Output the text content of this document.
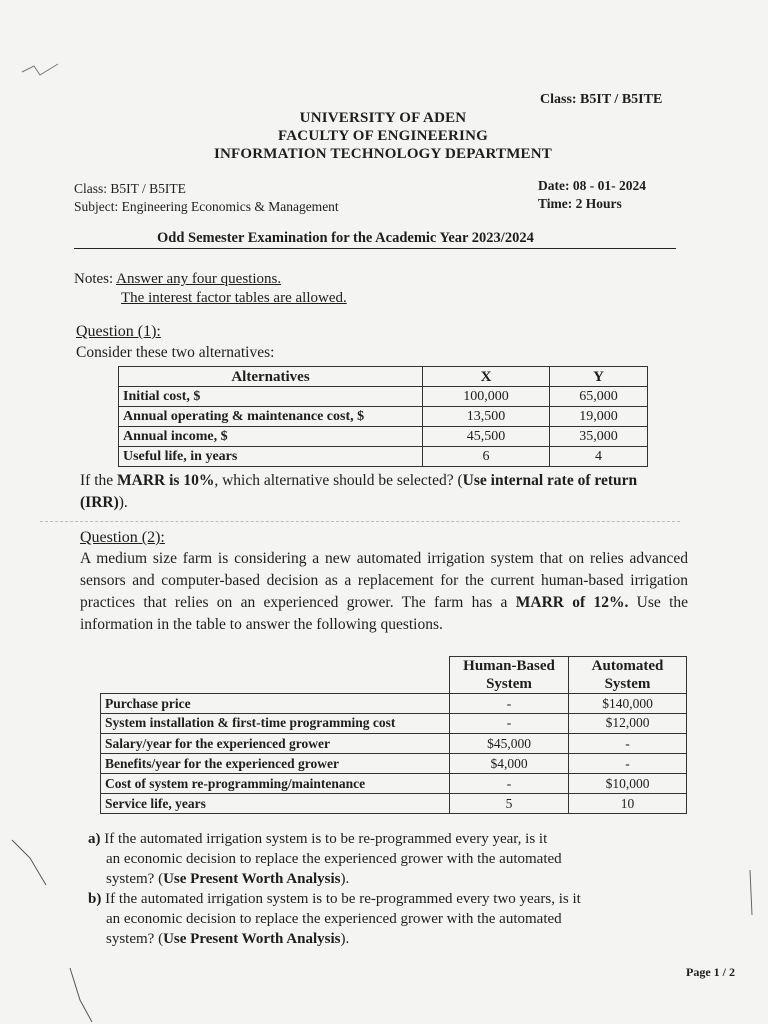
Class: B5IT / B5ITE
UNIVERSITY OF ADEN
FACULTY OF ENGINEERING
INFORMATION TECHNOLOGY DEPARTMENT
Class: B5IT / B5ITE
Subject: Engineering Economics & Management
Date: 08 - 01- 2024
Time: 2 Hours
Odd Semester Examination for the Academic Year 2023/2024
Notes: Answer any four questions.
The interest factor tables are allowed.
Question (1):
Consider these two alternatives:
Alternatives	X	Y
Initial cost, $	100,000	65,000
Annual operating & maintenance cost, $	13,500	19,000
Annual income, $	45,500	35,000
Useful life, in years	6	4
If the MARR is 10%, which alternative should be selected? (Use internal rate of return (IRR)).
Question (2):
A medium size farm is considering a new automated irrigation system that on relies advanced sensors and computer-based decision as a replacement for the current human-based irrigation practices that relies on an experienced grower. The farm has a MARR of 12%. Use the information in the table to answer the following questions.
	Human-Based System	Automated System
Purchase price	-	$140,000
System installation & first-time programming cost	-	$12,000
Salary/year for the experienced grower	$45,000	-
Benefits/year for the experienced grower	$4,000	-
Cost of system re-programming/maintenance	-	$10,000
Service life, years	5	10
a) If the automated irrigation system is to be re-programmed every year, is it
an economic decision to replace the experienced grower with the automated
system? (Use Present Worth Analysis).
b) If the automated irrigation system is to be re-programmed every two years, is it
an economic decision to replace the experienced grower with the automated
system? (Use Present Worth Analysis).
Page 1 / 2
